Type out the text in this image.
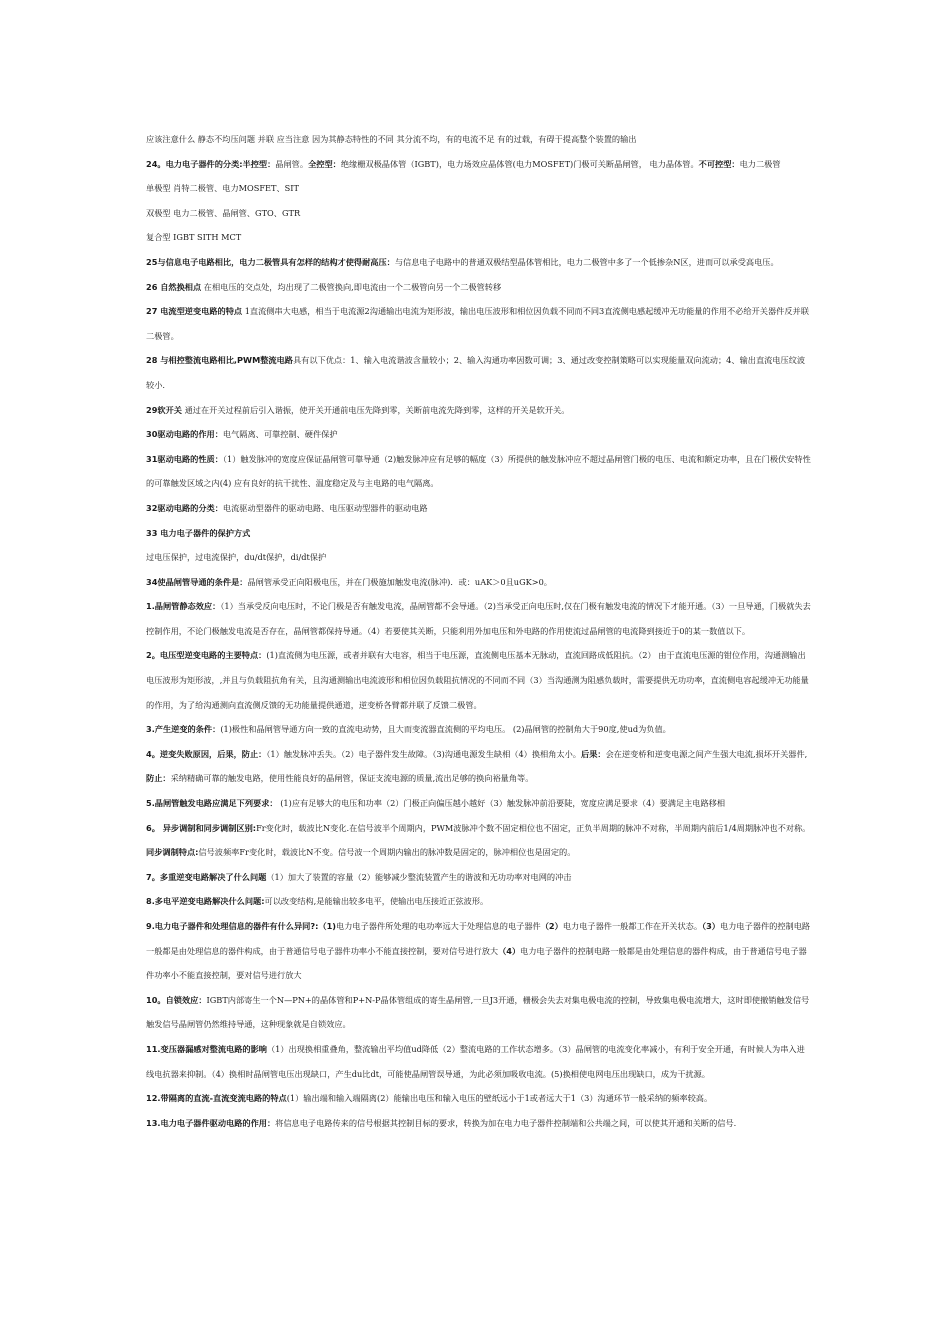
应该注意什么 静态不均压问题 并联 应当注意 因为其静态特性的不同 其分流不均，有的电流不足 有的过载，有碍于提高整个装置的输出

24。电力电子器件的分类:半控型：晶闸管。全控型：绝缘栅双极晶体管（IGBT)，电力场效应晶体管(电力MOSFET)门极可关断晶闸管， 电力晶体管。不可控型：电力二极管

单极型 肖特二极管、电力MOSFET、SIT

双极型 电力二极管、晶闸管、GTO、GTR

复合型 IGBT SITH MCT

25与信息电子电路相比，电力二极管具有怎样的结构才使得耐高压：与信息电子电路中的普通双极结型晶体管相比，电力二极管中多了一个低掺杂N区，进而可以承受高电压。

26 自然换相点 在相电压的交点处，均出现了二极管换向,即电流由一个二极管向另一个二极管转移

27 电流型逆变电路的特点 1直流侧串大电感，相当于电流源2沟通输出电流为矩形波，输出电压波形和相位因负载不同而不同3直流侧电感起缓冲无功能量的作用不必给开关器件反并联二极管。

28 与相控整流电路相比,PWM整流电路具有以下优点：1、输入电流谐波含量较小；2、输入沟通功率因数可调；3、通过改变控制策略可以实现能量双向流动；4、输出直流电压纹波较小.

29软开关 通过在开关过程前后引入谐振，使开关开通前电压先降到零，关断前电流先降到零，这样的开关是软开关。

30驱动电路的作用：电气隔离、可靠控制、硬件保护

31驱动电路的性质：（1）触发脉冲的宽度应保证晶闸管可靠导通（2)触发脉冲应有足够的幅度（3）所提供的触发脉冲应不超过晶闸管门极的电压、电流和额定功率，且在门极伏安特性的可靠触发区域之内(4) 应有良好的抗干扰性、温度稳定及与主电路的电气隔离。

32驱动电路的分类：电流驱动型器件的驱动电路、电压驱动型器件的驱动电路

33 电力电子器件的保护方式

过电压保护，过电流保护，du/dt保护，di/dt保护

34使晶闸管导通的条件是：晶闸管承受正向阳极电压，并在门极施加触发电流(脉冲)．或：uAK＞0且uGK>0。

1.晶闸管静态效应：（1）当承受反向电压时，不论门极是否有触发电流，晶闸管都不会导通。（2)当承受正向电压时,仅在门极有触发电流的情况下才能开通。（3）一旦导通，门极就失去控制作用，不论门极触发电流是否存在，晶闸管都保持导通。（4）若要使其关断，只能利用外加电压和外电路的作用使流过晶闸管的电流降到接近于0的某一数值以下。

2。电压型逆变电路的主要特点：(1)直流侧为电压源，或者并联有大电容，相当于电压源，直流侧电压基本无脉动，直流回路成低阻抗。（2） 由于直流电压源的钳位作用，沟通测输出电压波形为矩形波，,并且与负载阻抗角有关，且沟通测输出电流波形和相位因负载阻抗情况的不同而不同（3）当沟通测为阻感负载时，需要提供无功功率，直流侧电容起缓冲无功能量的作用，为了给沟通测向直流侧反馈的无功能量提供通道，逆变桥各臂都并联了反馈二极管。

3.产生逆变的条件：(1)极性和晶闸管导通方向一致的直流电动势，且大而变流器直流侧的平均电压。 (2)晶闸管的控制角大于90度,使ud为负值。

4。逆变失败原因，后果，防止：（1）触发脉冲丢失。（2）电子器件发生故障。（3)沟通电源发生缺相（4）换相角太小。后果：会在逆变桥和逆变电源之间产生强大电流,损坏开关器件,防止：采纳精确可靠的触发电路，使用性能良好的晶闸管，保证支流电源的质量,流出足够的换向裕量角等。

5.晶闸管触发电路应满足下列要求： (1)应有足够大的电压和功率（2）门极正向偏压越小越好（3）触发脉冲前沿要陡，宽度应满足要求（4）要满足主电路移相

6。 异步调制和同步调制区别:Fr变化时，载波比N变化.在信号波半个周期内，PWM波脉冲个数不固定相位也不固定，正负半周期的脉冲不对称，半周期内前后1/4周期脉冲也不对称。 同步调制特点:信号波频率Fr变化时，载波比N不变。信号波一个周期内输出的脉冲数是固定的，脉冲相位也是固定的。

7。多重逆变电路解决了什么问题（1）加大了装置的容量（2）能够减少整流装置产生的谐波和无功功率对电网的冲击

8.多电平逆变电路解决什么问题:可以改变结构,是能输出较多电平，使输出电压接近正弦波形。

9.电力电子器件和处理信息的器件有什么异同?:（1)电力电子器件所处理的电功率远大于处理信息的电子器件（2）电力电子器件一般都工作在开关状态。（3）电力电子器件的控制电路一般都是由处理信息的器件构成，由于普通信号电子器件功率小不能直接控制，要对信号进行放大（4）电力电子器件的控制电路一般都是由处理信息的器件构成，由于普通信号电子器件功率小不能直接控制，要对信号进行放大

10。自锁效应：IGBT内部寄生一个N—PN+的晶体管和P+N-P晶体管组成的寄生晶闸管,一旦J3开通，栅极会失去对集电极电流的控制，导致集电极电流增大，这时即使撤销触发信号触发信号晶闸管仍然维持导通，这种现象就是自锁效应。

11.变压器漏感对整流电路的影响（1）出现换相重叠角，整流输出平均值ud降低（2）整流电路的工作状态增多。（3）晶闸管的电流变化率减小，有利于安全开通，有时候人为串入进线电抗器来抑制。（4）换相时晶闸管电压出现缺口，产生du比dt，可能使晶闸管误导通，为此必须加吸收电流。(5)换相使电网电压出现缺口，成为干扰源。

12.带隔离的直流-直流变流电路的特点(1）输出端和输入端隔离(2）能输出电压和输入电压的壁纸远小于1或者远大于1（3）沟通环节一般采纳的频率较高。

13.电力电子器件驱动电路的作用：将信息电子电路传来的信号根据其控制目标的要求，转换为加在电力电子器件控制端和公共端之间，可以使其开通和关断的信号.
